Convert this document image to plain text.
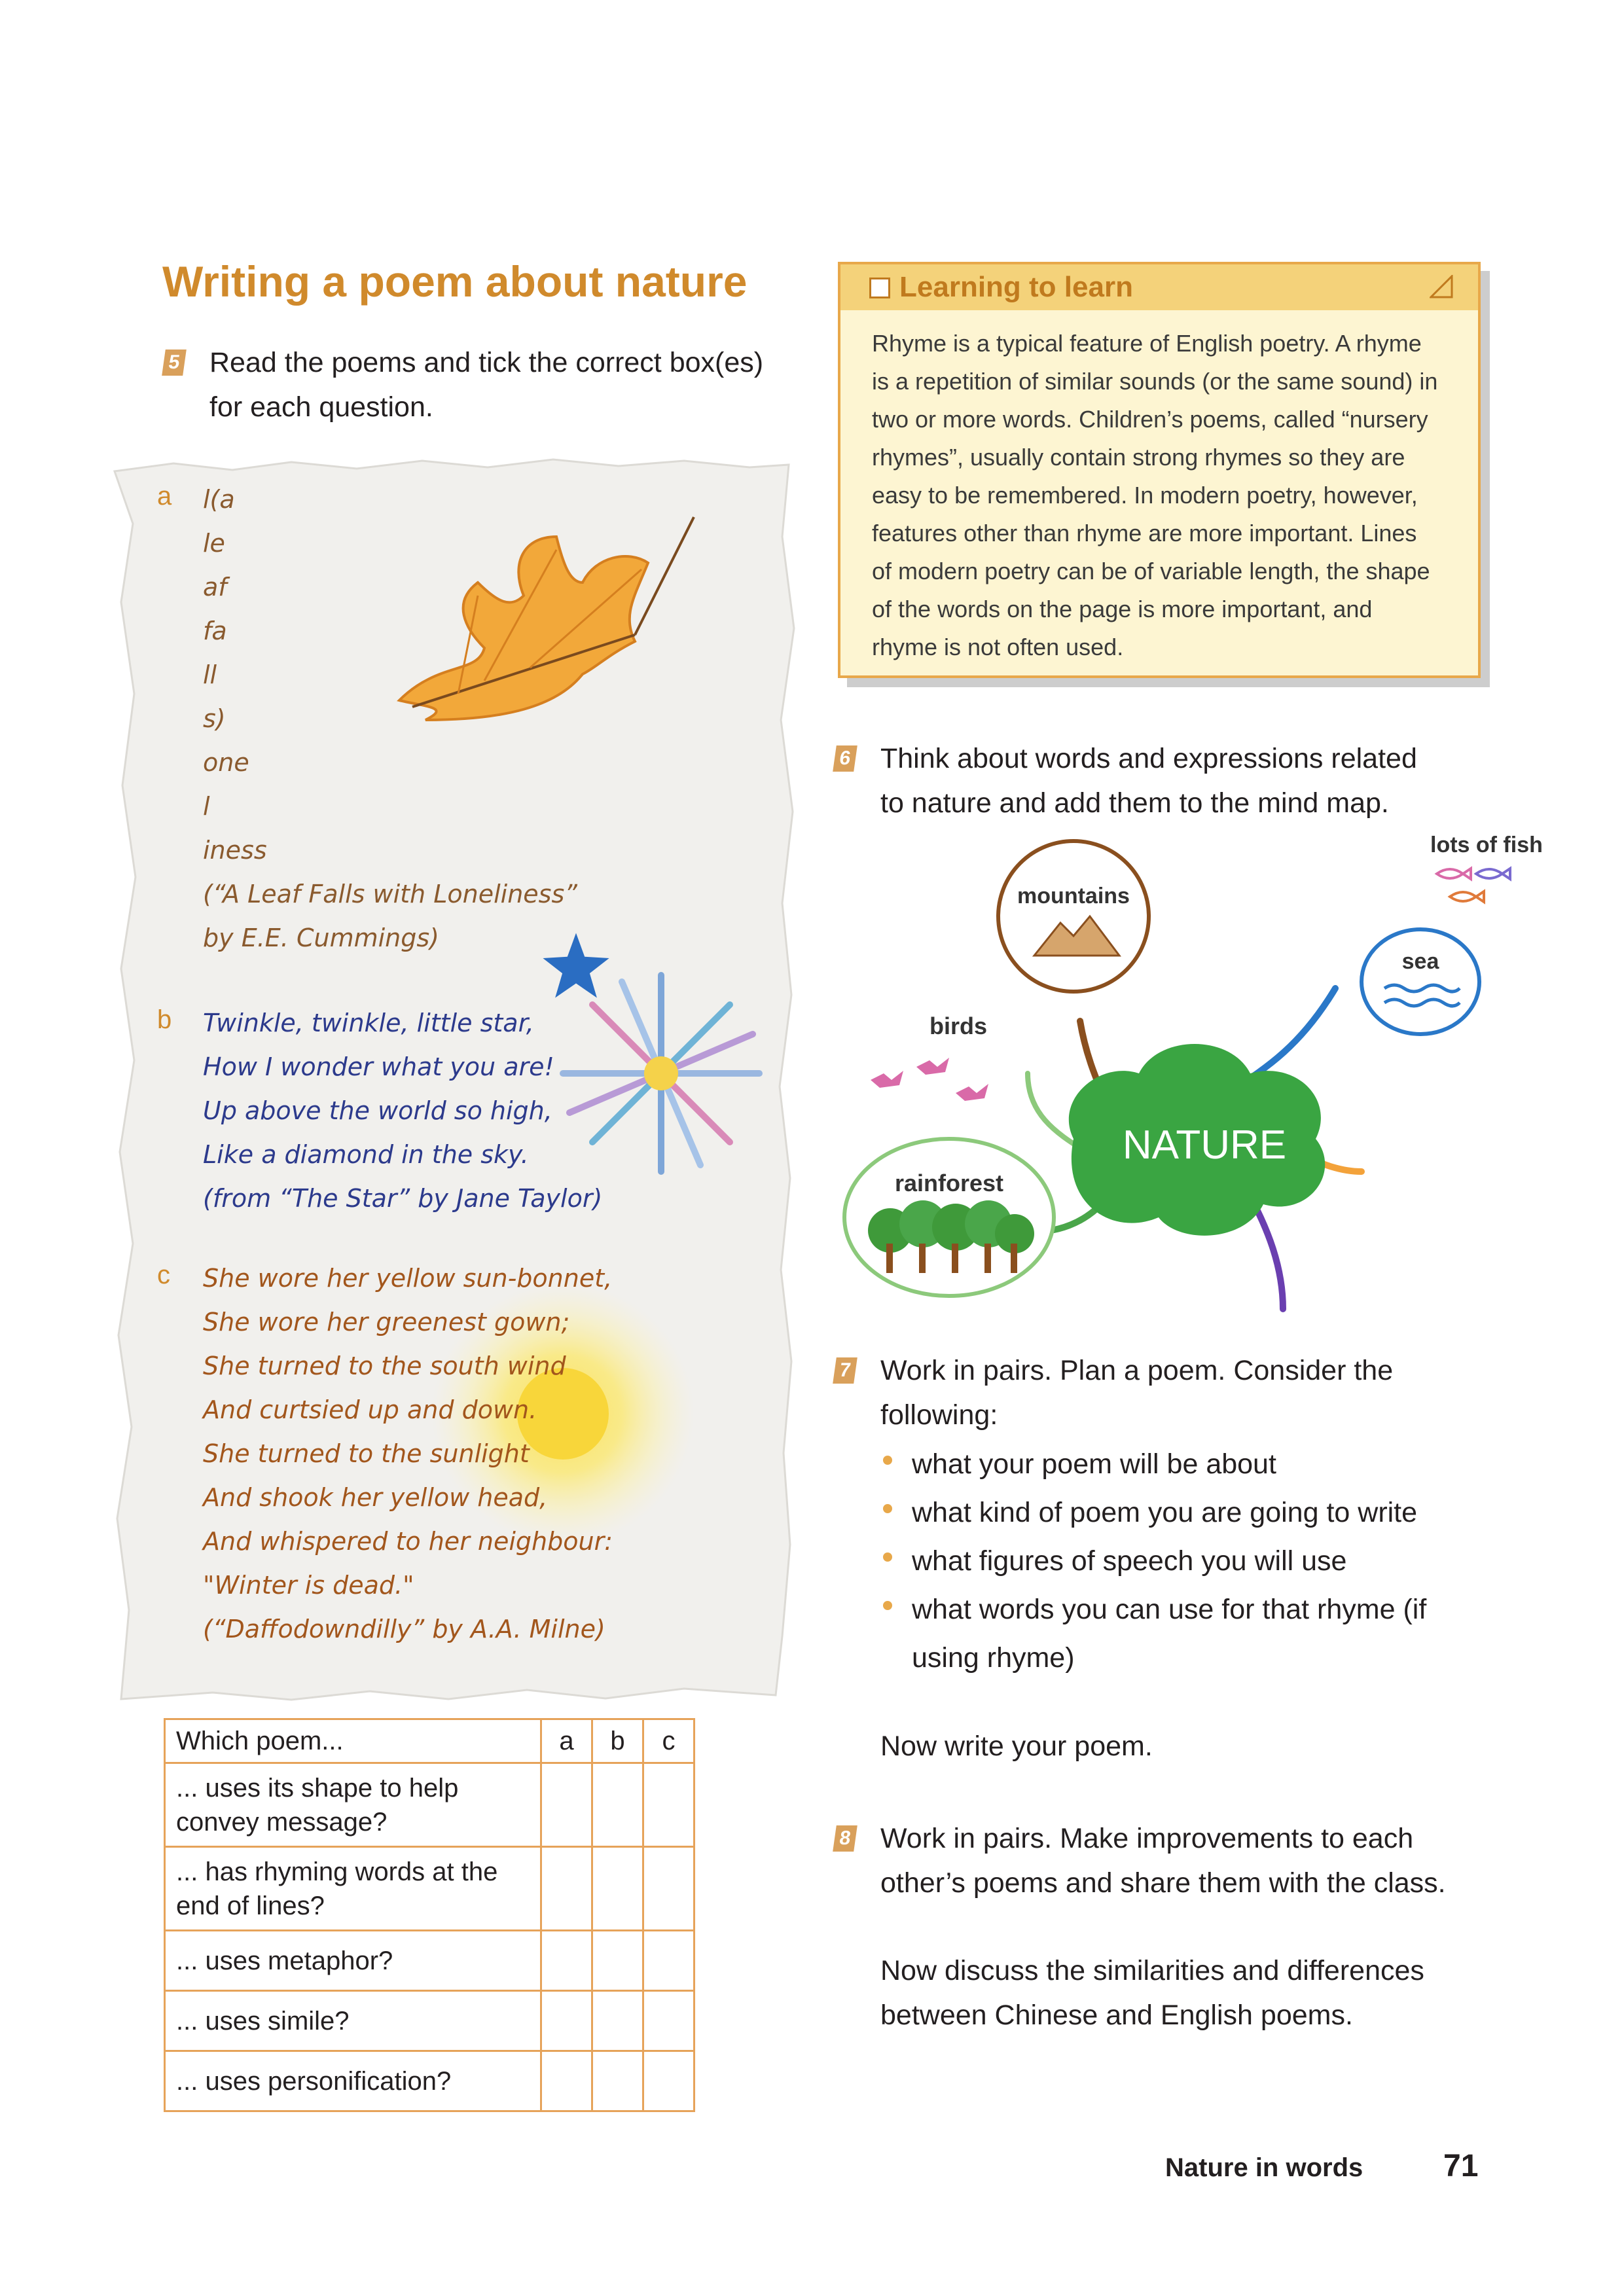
Writing a poem about nature
5 Read the poems and tick the correct box(es)
for each question.
a l(a
le
af
fa
ll
s)
one
l
iness
(“A Leaf Falls with Loneliness”
by E.E. Cummings)
b Twinkle, twinkle, little star,
How I wonder what you are!
Up above the world so high,
Like a diamond in the sky.
(from “The Star” by Jane Taylor)
c She wore her yellow sun-bonnet,
She wore her greenest gown;
She turned to the south wind
And curtsied up and down.
She turned to the sunlight
And shook her yellow head,
And whispered to her neighbour:
"Winter is dead."
(“Daffodowndilly” by A.A. Milne)
Which poem...	a	b	c

... uses its shape to help
convey message?			

... has rhyming words at the
end of lines?			

... uses metaphor?			
... uses simile?			
... uses personification?			
Learning to learn
Rhyme is a typical feature of English poetry. A rhyme
is a repetition of similar sounds (or the same sound) in
two or more words. Children’s poems, called “nursery
rhymes”, usually contain strong rhymes so they are
easy to be remembered. In modern poetry, however,
features other than rhyme are more important. Lines
of modern poetry can be of variable length, the shape
of the words on the page is more important, and
rhyme is not often used.
6 Think about words and expressions related
to nature and add them to the mind map.
NATURE
mountains
sea
birds
rainforest
lots of fish
7 Work in pairs. Plan a poem. Consider the
following:
what your poem will be about
what kind of poem you are going to write
what figures of speech you will use
what words you can use for that rhyme (if
using rhyme)
Now write your poem.
8 Work in pairs. Make improvements to each
other’s poems and share them with the class.
Now discuss the similarities and differences
between Chinese and English poems.
Nature in words	71
